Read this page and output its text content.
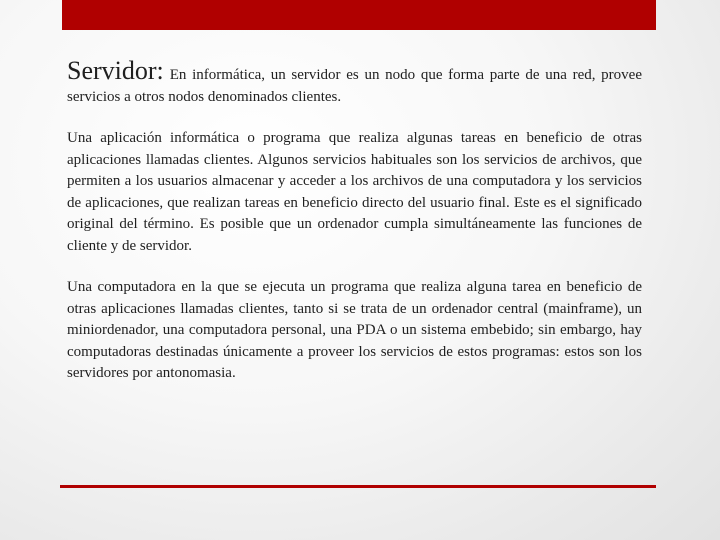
Servidor: En informática, un servidor es un nodo que forma parte de una red, provee servicios a otros nodos denominados clientes.

Una aplicación informática o programa que realiza algunas tareas en beneficio de otras aplicaciones llamadas clientes. Algunos servicios habituales son los servicios de archivos, que permiten a los usuarios almacenar y acceder a los archivos de una computadora y los servicios de aplicaciones, que realizan tareas en beneficio directo del usuario final. Este es el significado original del término. Es posible que un ordenador cumpla simultáneamente las funciones de cliente y de servidor.

Una computadora en la que se ejecuta un programa que realiza alguna tarea en beneficio de otras aplicaciones llamadas clientes, tanto si se trata de un ordenador central (mainframe), un miniordenador, una computadora personal, una PDA o un sistema embebido; sin embargo, hay computadoras destinadas únicamente a proveer los servicios de estos programas: estos son los servidores por antonomasia.
